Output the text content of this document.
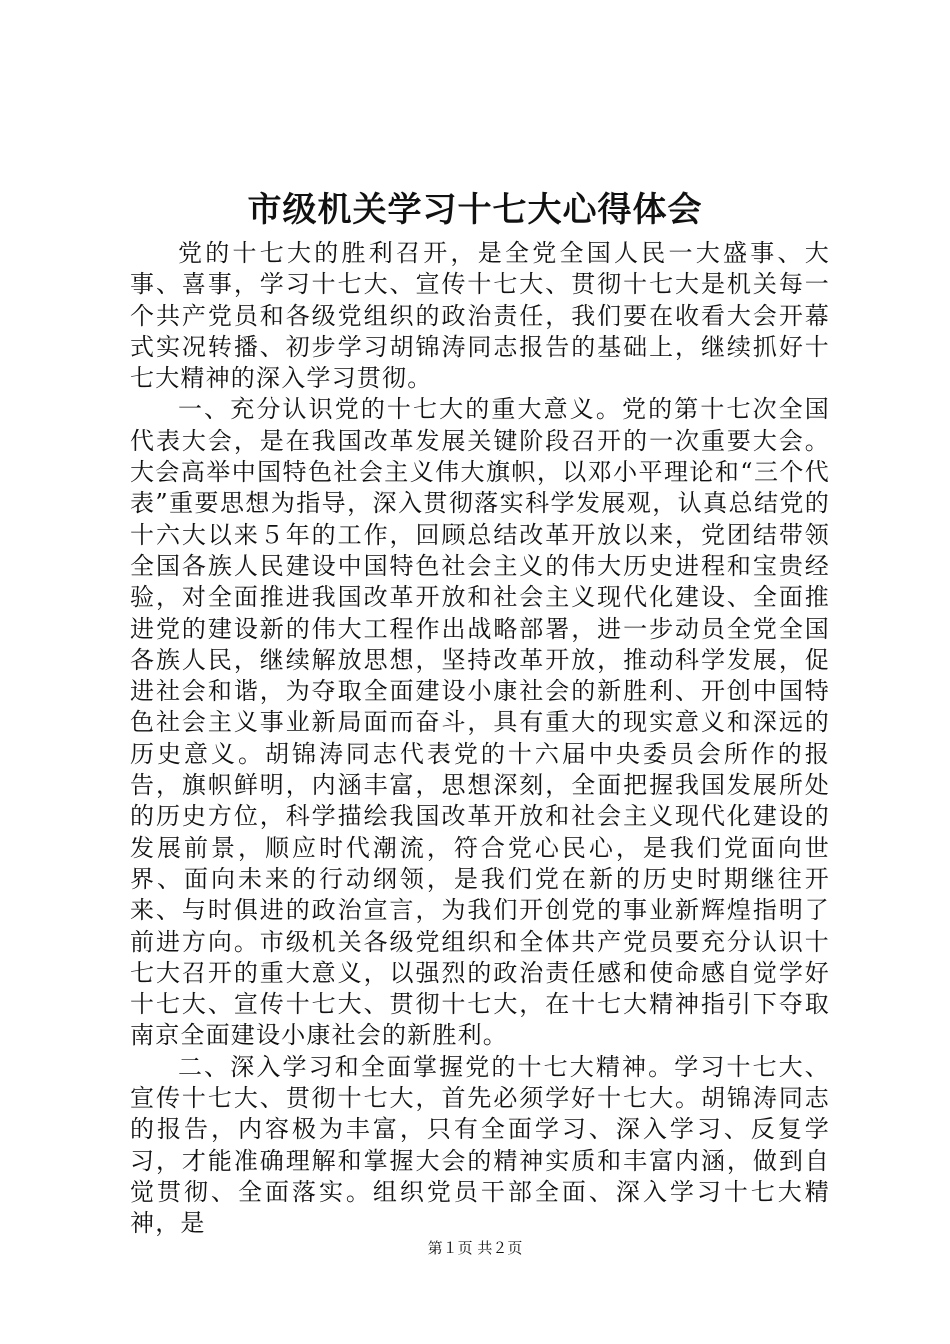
市级机关学习十七大心得体会

党的十七大的胜利召开，是全党全国人民一大盛事、大事、喜事，学习十七大、宣传十七大、贯彻十七大是机关每一个共产党员和各级党组织的政治责任，我们要在收看大会开幕式实况转播、初步学习胡锦涛同志报告的基础上，继续抓好十七大精神的深入学习贯彻。

一、充分认识党的十七大的重大意义。党的第十七次全国代表大会，是在我国改革发展关键阶段召开的一次重要大会。大会高举中国特色社会主义伟大旗帜，以邓小平理论和“三个代表”重要思想为指导，深入贯彻落实科学发展观，认真总结党的十六大以来５年的工作，回顾总结改革开放以来，党团结带领全国各族人民建设中国特色社会主义的伟大历史进程和宝贵经验，对全面推进我国改革开放和社会主义现代化建设、全面推进党的建设新的伟大工程作出战略部署，进一步动员全党全国各族人民，继续解放思想，坚持改革开放，推动科学发展，促进社会和谐，为夺取全面建设小康社会的新胜利、开创中国特色社会主义事业新局面而奋斗，具有重大的现实意义和深远的历史意义。胡锦涛同志代表党的十六届中央委员会所作的报告，旗帜鲜明，内涵丰富，思想深刻，全面把握我国发展所处的历史方位，科学描绘我国改革开放和社会主义现代化建设的发展前景，顺应时代潮流，符合党心民心，是我们党面向世界、面向未来的行动纲领，是我们党在新的历史时期继往开来、与时俱进的政治宣言，为我们开创党的事业新辉煌指明了前进方向。市级机关各级党组织和全体共产党员要充分认识十七大召开的重大意义，以强烈的政治责任感和使命感自觉学好十七大、宣传十七大、贯彻十七大，在十七大精神指引下夺取南京全面建设小康社会的新胜利。

二、深入学习和全面掌握党的十七大精神。学习十七大、宣传十七大、贯彻十七大，首先必须学好十七大。胡锦涛同志的报告，内容极为丰富，只有全面学习、深入学习、反复学习，才能准确理解和掌握大会的精神实质和丰富内涵，做到自觉贯彻、全面落实。组织党员干部全面、深入学习十七大精神，是

第１页 共２页
